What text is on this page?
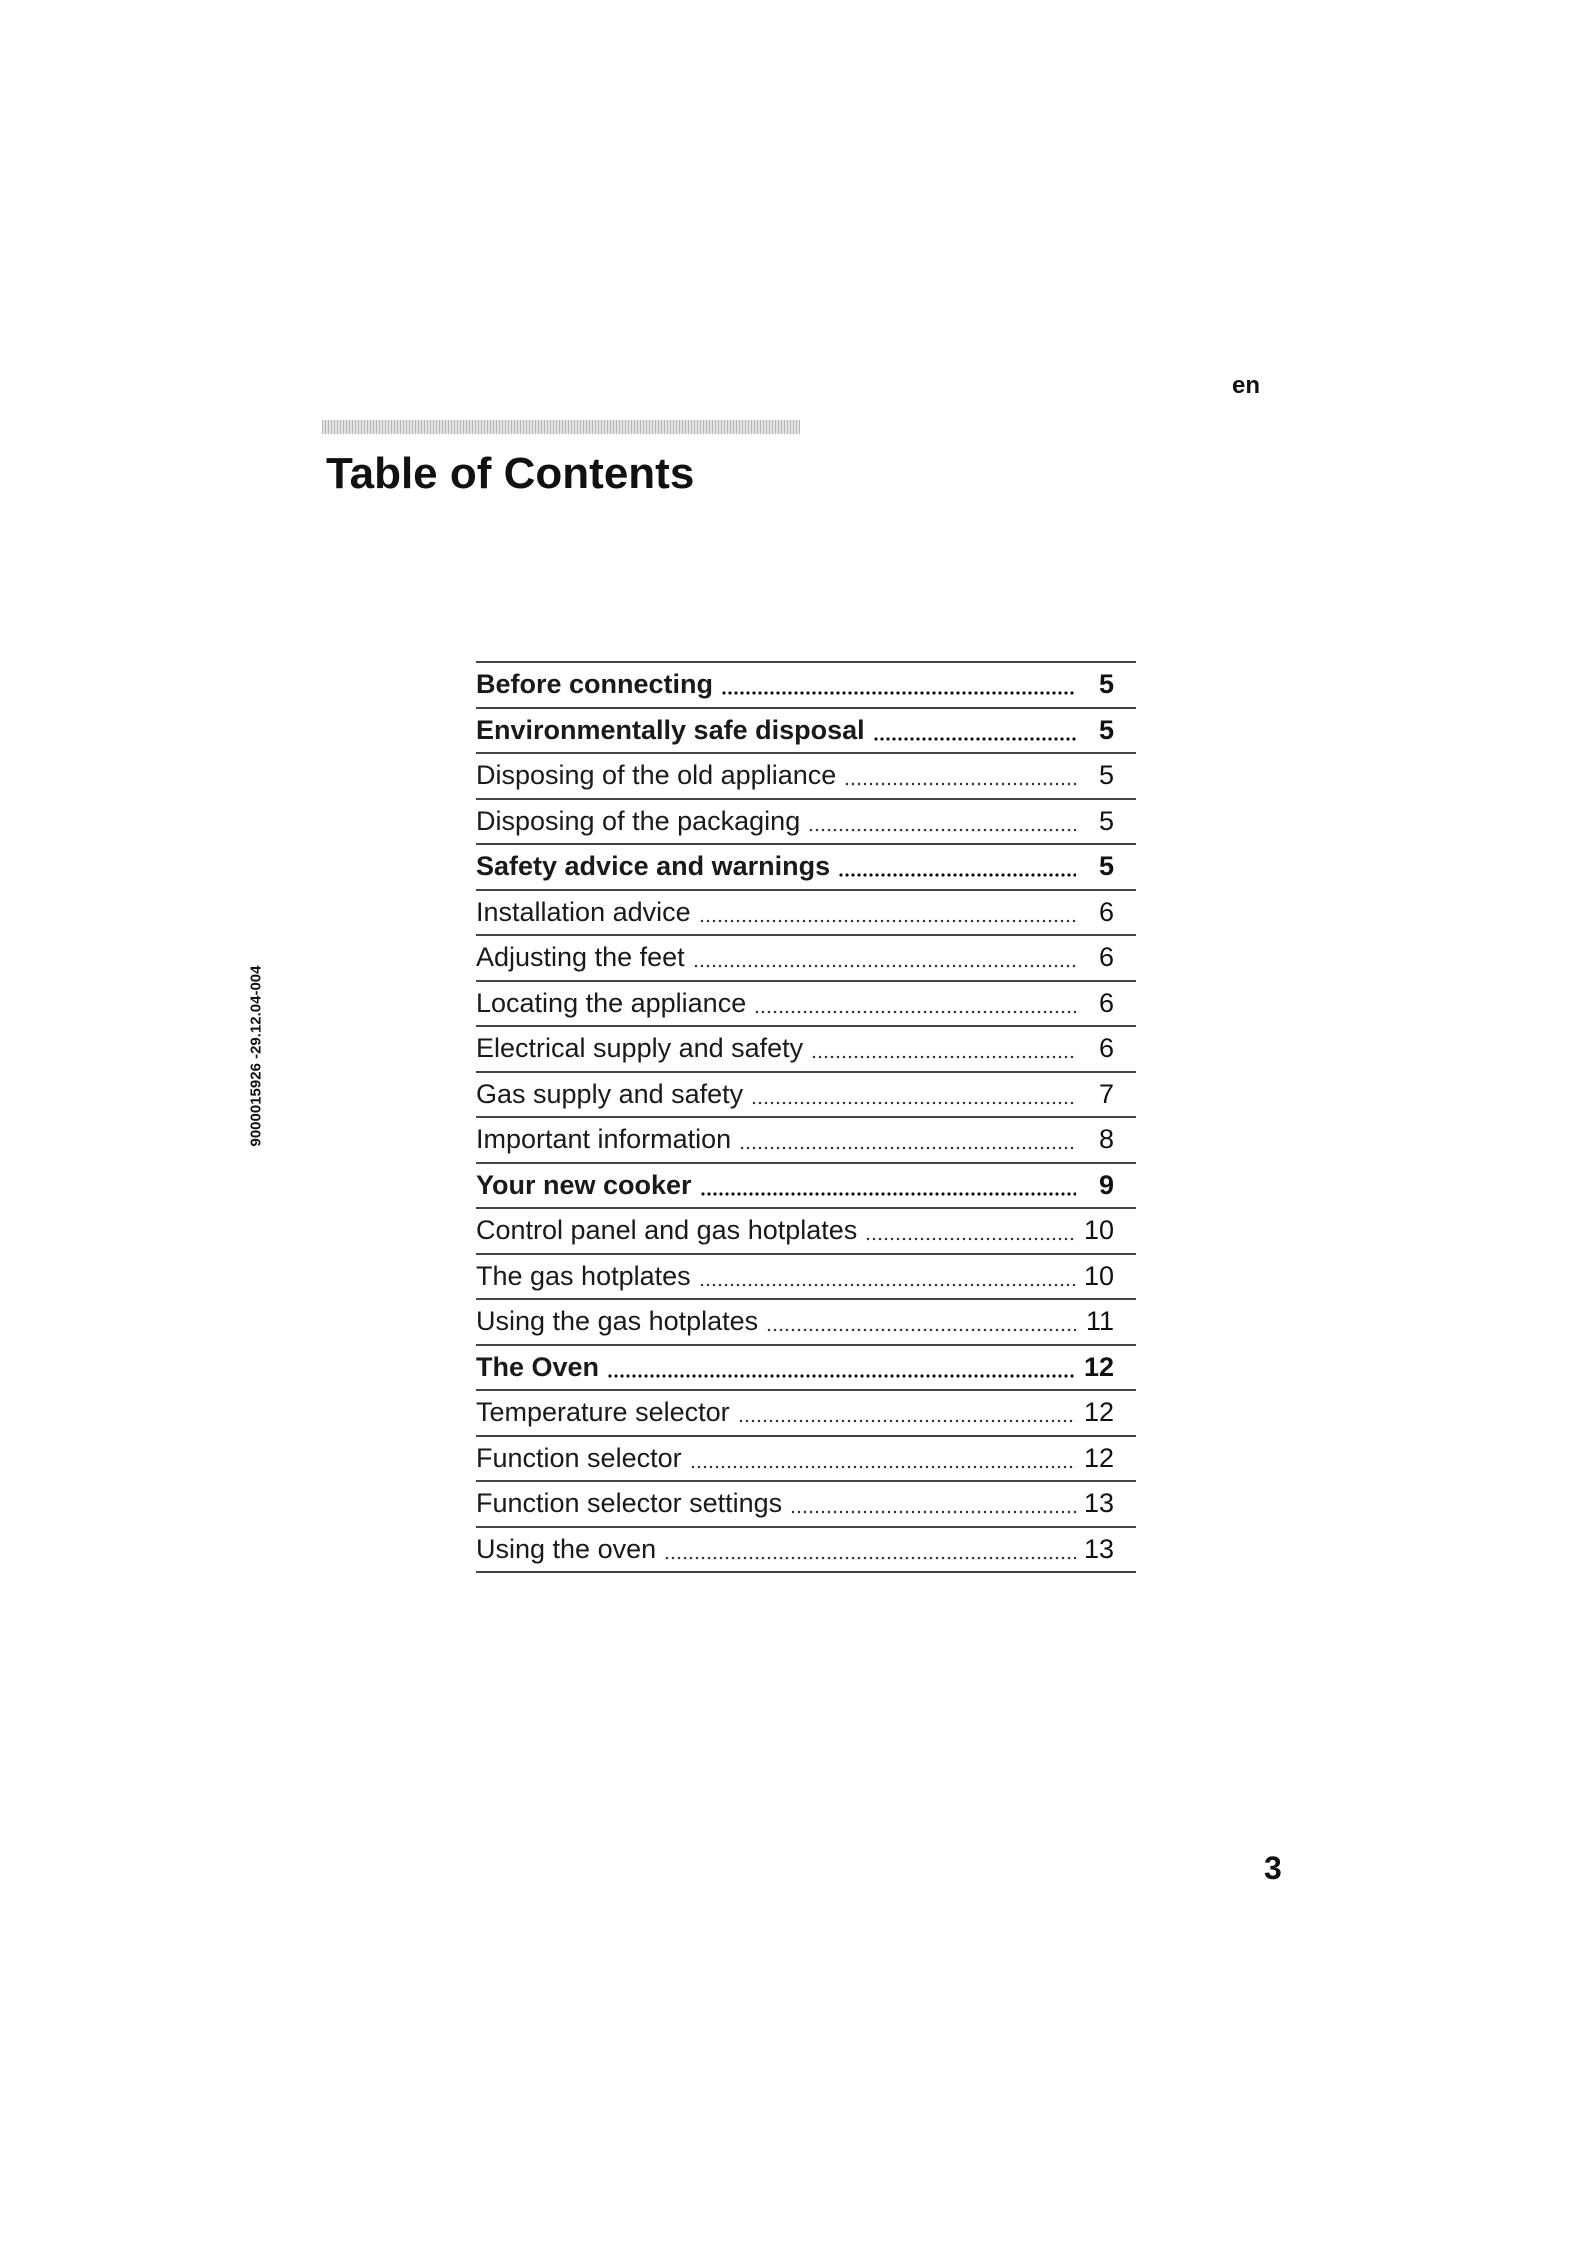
en
Table of Contents
9000015926 -29.12.04-004
Before connecting	5
Environmentally safe disposal	5
Disposing of the old appliance	5
Disposing of the packaging	5
Safety advice and warnings	5
Installation advice	6
Adjusting the feet	6
Locating the appliance	6
Electrical supply and safety	6
Gas supply and safety	7
Important information	8
Your new cooker	9
Control panel and gas hotplates	10
The gas hotplates	10
Using the gas hotplates	11
The Oven	12
Temperature selector	12
Function selector	12
Function selector settings	13
Using the oven	13
3
